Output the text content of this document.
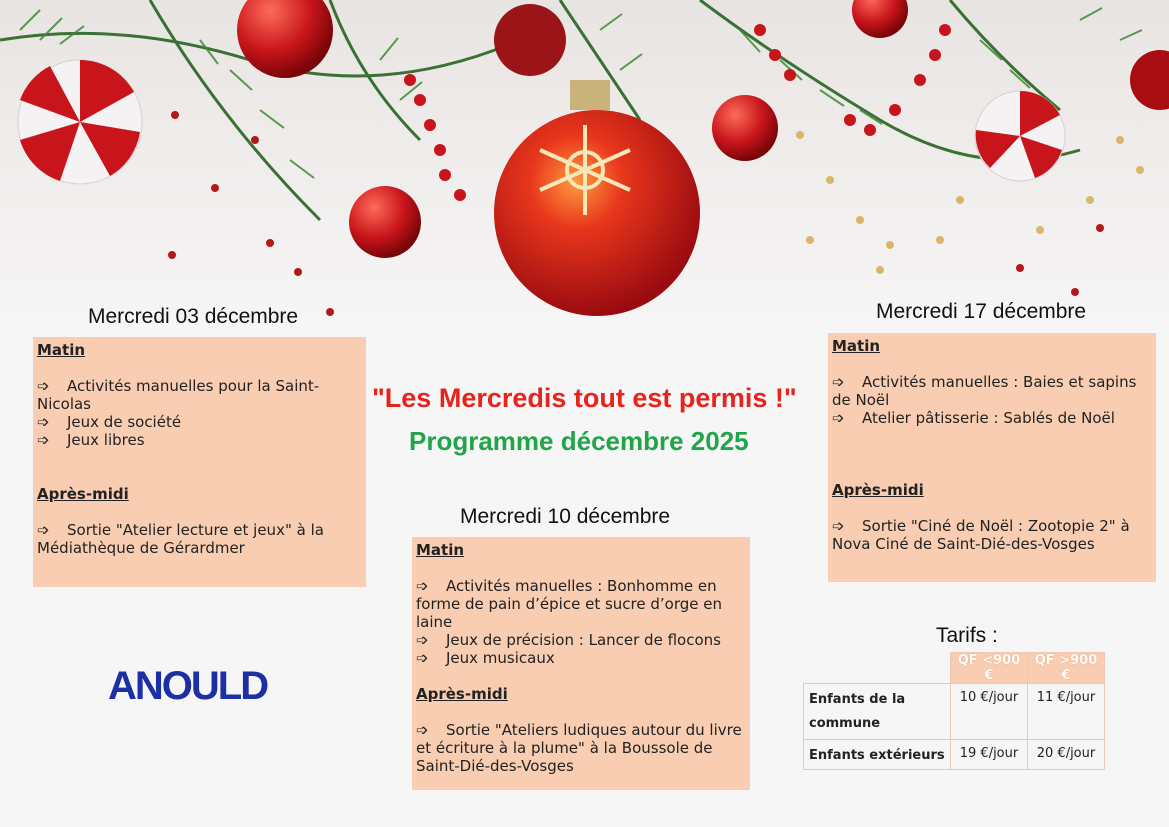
Mercredi 03 décembre
Matin
➩ Activités manuelles pour la Saint-Nicolas
➩ Jeux de société
➩ Jeux libres
Après-midi
➩ Sortie "Atelier lecture et jeux" à la Médiathèque de Gérardmer
"Les Mercredis tout est permis !"
Programme décembre 2025
Mercredi 10 décembre
Matin
➩ Activités manuelles : Bonhomme en forme de pain d’épice et sucre d’orge en laine
➩ Jeux de précision : Lancer de flocons
➩ Jeux musicaux
Après-midi
➩ Sortie "Ateliers ludiques autour du livre et écriture à la plume" à la Boussole de Saint-Dié-des-Vosges
Mercredi 17 décembre
Matin
➩ Activités manuelles : Baies et sapins de Noël
➩ Atelier pâtisserie : Sablés de Noël
Après-midi
➩ Sortie "Ciné de Noël : Zootopie 2" à Nova Ciné de Saint-Dié-des-Vosges
Tarifs :
	QF <900 €	QF >900 €
Enfants de la commune	10 €/jour	11 €/jour
Enfants extérieurs	19 €/jour	20 €/jour
ANOULD
